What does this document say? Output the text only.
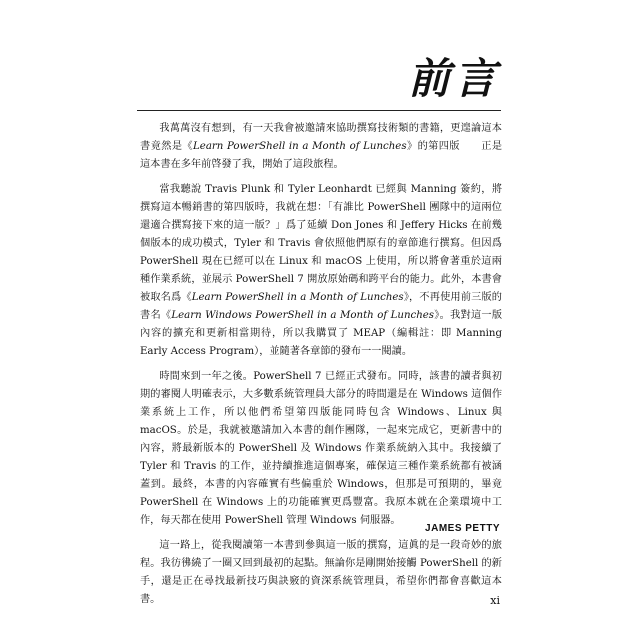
前言

我萬萬沒有想到，有一天我會被邀請來協助撰寫技術類的書籍，更遑論這本書竟然是《Learn PowerShell in a Month of Lunches》的第四版　　正是這本書在多年前啓發了我，開始了這段旅程。

當我聽說 Travis Plunk 和 Tyler Leonhardt 已經與 Manning 簽約，將撰寫這本暢銷書的第四版時，我就在想：「有誰比 PowerShell 團隊中的這兩位還適合撰寫接下來的這一版？」爲了延續 Don Jones 和 Jeffery Hicks 在前幾個版本的成功模式，Tyler 和 Travis 會依照他們原有的章節進行撰寫。但因爲 PowerShell 現在已經可以在 Linux 和 macOS 上使用，所以將會著重於這兩種作業系統，並展示 PowerShell 7 開放原始碼和跨平台的能力。此外，本書會被取名爲《Learn PowerShell in a Month of Lunches》，不再使用前三版的書名《Learn Windows PowerShell in a Month of Lunches》。我對這一版內容的擴充和更新相當期待，所以我購買了 MEAP（編輯註：即 Manning Early Access Program），並隨著各章節的發布一一閱讀。

時間來到一年之後。PowerShell 7 已經正式發布。同時，該書的讀者與初期的審閱人明確表示，大多數系統管理員大部分的時間還是在 Windows 這個作業系統上工作，所以他們希望第四版能同時包含 Windows、Linux 與 macOS。於是，我就被邀請加入本書的創作團隊，一起來完成它，更新書中的內容，將最新版本的 PowerShell 及 Windows 作業系統納入其中。我接續了 Tyler 和 Travis 的工作，並持續推進這個專案，確保這三種作業系統都有被涵蓋到。最終，本書的內容確實有些偏重於 Windows，但那是可預期的，畢竟 PowerShell 在 Windows 上的功能確實更爲豐富。我原本就在企業環境中工作，每天都在使用 PowerShell 管理 Windows 伺服器。

這一路上，從我閱讀第一本書到參與這一版的撰寫，這眞的是一段奇妙的旅程。我彷彿繞了一圈又回到最初的起點。無論你是剛開始接觸 PowerShell 的新手，還是正在尋找最新技巧與訣竅的資深系統管理員，希望你們都會喜歡這本書。

JAMES PETTY
xi
